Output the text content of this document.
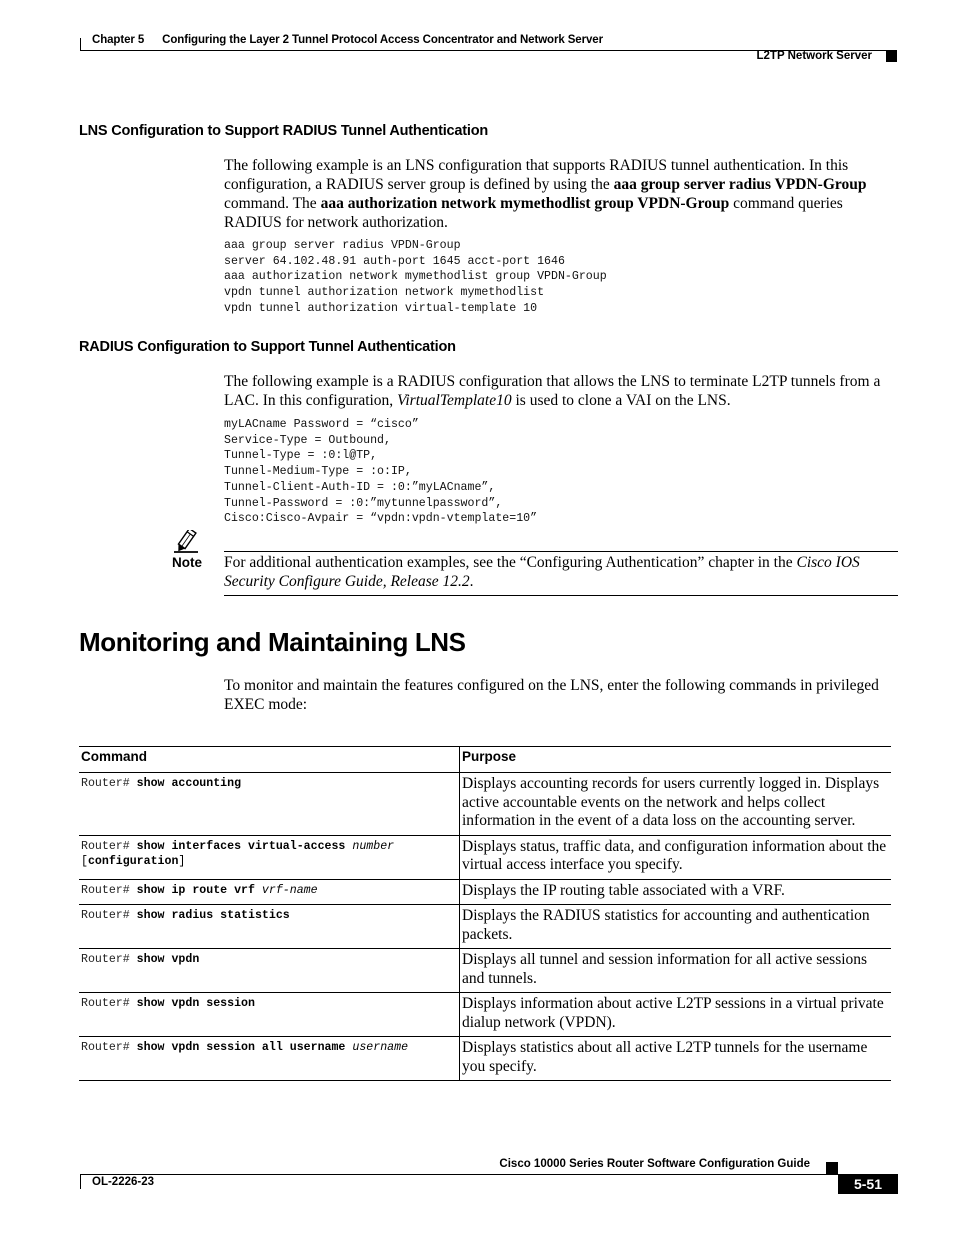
Chapter 5 Configuring the Layer 2 Tunnel Protocol Access Concentrator and Network Server
L2TP Network Server
LNS Configuration to Support RADIUS Tunnel Authentication
The following example is an LNS configuration that supports RADIUS tunnel authentication. In this configuration, a RADIUS server group is defined by using the aaa group server radius VPDN-Group command. The aaa authorization network mymethodlist group VPDN-Group command queries RADIUS for network authorization.
aaa group server radius VPDN-Group
server 64.102.48.91 auth-port 1645 acct-port 1646
aaa authorization network mymethodlist group VPDN-Group
vpdn tunnel authorization network mymethodlist
vpdn tunnel authorization virtual-template 10
RADIUS Configuration to Support Tunnel Authentication
The following example is a RADIUS configuration that allows the LNS to terminate L2TP tunnels from a LAC. In this configuration, VirtualTemplate10 is used to clone a VAI on the LNS.
myLACname Password = “cisco”
Service-Type = Outbound,
Tunnel-Type = :0:l@TP,
Tunnel-Medium-Type = :o:IP,
Tunnel-Client-Auth-ID = :0:”myLACname”,
Tunnel-Password = :0:”mytunnelpassword”,
Cisco:Cisco-Avpair = “vpdn:vpdn-vtemplate=10”
Note For additional authentication examples, see the “Configuring Authentication” chapter in the Cisco IOS Security Configure Guide, Release 12.2.
Monitoring and Maintaining LNS
To monitor and maintain the features configured on the LNS, enter the following commands in privileged EXEC mode:
Command	Purpose
Router# show accounting	Displays accounting records for users currently logged in. Displays active accountable events on the network and helps collect information in the event of a data loss on the accounting server.
Router# show interfaces virtual-access number
[configuration]	Displays status, traffic data, and configuration information about the virtual access interface you specify.
Router# show ip route vrf vrf-name	Displays the IP routing table associated with a VRF.
Router# show radius statistics	Displays the RADIUS statistics for accounting and authentication packets.
Router# show vpdn	Displays all tunnel and session information for all active sessions and tunnels.
Router# show vpdn session	Displays information about active L2TP sessions in a virtual private dialup network (VPDN).
Router# show vpdn session all username username	Displays statistics about all active L2TP tunnels for the username you specify.
Cisco 10000 Series Router Software Configuration Guide
OL-2226-23	5-51
